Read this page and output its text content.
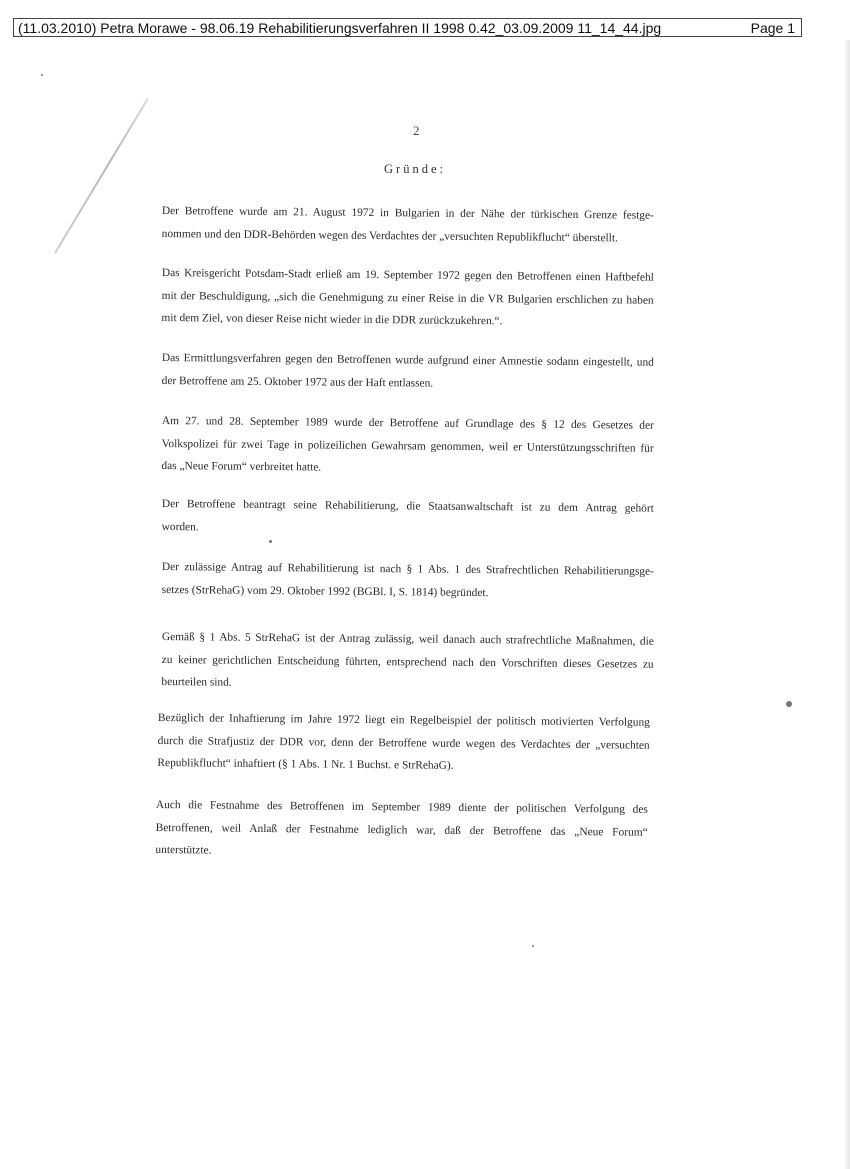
(11.03.2010) Petra Morawe - 98.06.19 Rehabilitierungsverfahren II 1998 0.42_03.09.2009 11_14_44.jpg	Page 1
2
Gründe:
Der Betroffene wurde am 21. August 1972 in Bulgarien in der Nähe der türkischen Grenze festge-
nommen und den DDR-Behörden wegen des Verdachtes der „versuchten Republikflucht“ überstellt.
Das Kreisgericht Potsdam-Stadt erließ am 19. September 1972 gegen den Betroffenen einen Haftbefehl
mit der Beschuldigung, „sich die Genehmigung zu einer Reise in die VR Bulgarien erschlichen zu haben
mit dem Ziel, von dieser Reise nicht wieder in die DDR zurückzukehren.“.
Das Ermittlungsverfahren gegen den Betroffenen wurde aufgrund einer Amnestie sodann eingestellt, und
der Betroffene am 25. Oktober 1972 aus der Haft entlassen.
Am 27. und 28. September 1989 wurde der Betroffene auf Grundlage des § 12 des Gesetzes der
Volkspolizei für zwei Tage in polizeilichen Gewahrsam genommen, weil er Unterstützungsschriften für
das „Neue Forum“ verbreitet hatte.
Der Betroffene beantragt seine Rehabilitierung, die Staatsanwaltschaft ist zu dem Antrag gehört
worden.
Der zulässige Antrag auf Rehabilitierung ist nach § 1 Abs. 1 des Strafrechtlichen Rehabilitierungsge-
setzes (StrRehaG) vom 29. Oktober 1992 (BGBl. I, S. 1814) begründet.
Gemäß § 1 Abs. 5 StrRehaG ist der Antrag zulässig, weil danach auch strafrechtliche Maßnahmen, die
zu keiner gerichtlichen Entscheidung führten, entsprechend nach den Vorschriften dieses Gesetzes zu
beurteilen sind.
Bezüglich der Inhaftierung im Jahre 1972 liegt ein Regelbeispiel der politisch motivierten Verfolgung
durch die Strafjustiz der DDR vor, denn der Betroffene wurde wegen des Verdachtes der „versuchten
Republikflucht“ inhaftiert (§ 1 Abs. 1 Nr. 1 Buchst. e StrRehaG).
Auch die Festnahme des Betroffenen im September 1989 diente der politischen Verfolgung des
Betroffenen, weil Anlaß der Festnahme lediglich war, daß der Betroffene das „Neue Forum“
unterstützte.
